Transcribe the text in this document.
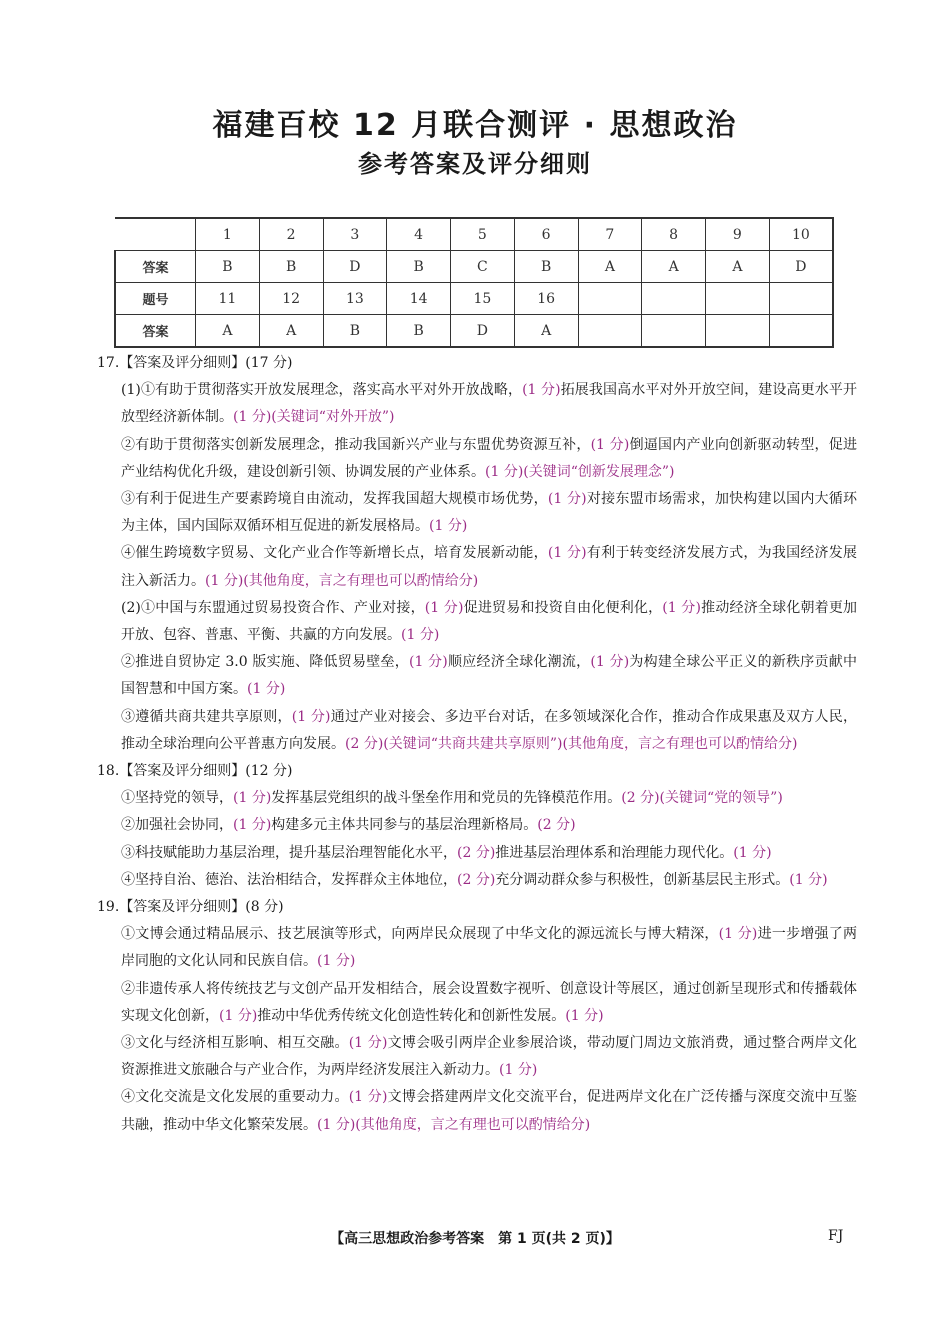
福建百校 12 月联合测评 · 思想政治
参考答案及评分细则
	1	2	3	4	5	6	7	8	9	10
答案	B	B	D	B	C	B	A	A	A	D
题号	11	12	13	14	15	16				
答案	A	A	B	B	D	A				

17.【答案及评分细则】(17 分)

(1)①有助于贯彻落实开放发展理念，落实高水平对外开放战略，(1 分)拓展我国高水平对外开放空间，建设高更水平开放型经济新体制。(1 分)(关键词“对外开放”)

②有助于贯彻落实创新发展理念，推动我国新兴产业与东盟优势资源互补，(1 分)倒逼国内产业向创新驱动转型，促进产业结构优化升级，建设创新引领、协调发展的产业体系。(1 分)(关键词“创新发展理念”)

③有利于促进生产要素跨境自由流动，发挥我国超大规模市场优势，(1 分)对接东盟市场需求，加快构建以国内大循环为主体，国内国际双循环相互促进的新发展格局。(1 分)

④催生跨境数字贸易、文化产业合作等新增长点，培育发展新动能，(1 分)有利于转变经济发展方式，为我国经济发展注入新活力。(1 分)(其他角度，言之有理也可以酌情给分)

(2)①中国与东盟通过贸易投资合作、产业对接，(1 分)促进贸易和投资自由化便利化，(1 分)推动经济全球化朝着更加开放、包容、普惠、平衡、共赢的方向发展。(1 分)

②推进自贸协定 3.0 版实施、降低贸易壁垒，(1 分)顺应经济全球化潮流，(1 分)为构建全球公平正义的新秩序贡献中国智慧和中国方案。(1 分)

③遵循共商共建共享原则，(1 分)通过产业对接会、多边平台对话，在多领域深化合作，推动合作成果惠及双方人民，推动全球治理向公平普惠方向发展。(2 分)(关键词“共商共建共享原则”)(其他角度，言之有理也可以酌情给分)

18.【答案及评分细则】(12 分)

①坚持党的领导，(1 分)发挥基层党组织的战斗堡垒作用和党员的先锋模范作用。(2 分)(关键词“党的领导”)

②加强社会协同，(1 分)构建多元主体共同参与的基层治理新格局。(2 分)

③科技赋能助力基层治理，提升基层治理智能化水平，(2 分)推进基层治理体系和治理能力现代化。(1 分)

④坚持自治、德治、法治相结合，发挥群众主体地位，(2 分)充分调动群众参与积极性，创新基层民主形式。(1 分)

19.【答案及评分细则】(8 分)

①文博会通过精品展示、技艺展演等形式，向两岸民众展现了中华文化的源远流长与博大精深，(1 分)进一步增强了两岸同胞的文化认同和民族自信。(1 分)

②非遗传承人将传统技艺与文创产品开发相结合，展会设置数字视听、创意设计等展区，通过创新呈现形式和传播载体实现文化创新，(1 分)推动中华优秀传统文化创造性转化和创新性发展。(1 分)

③文化与经济相互影响、相互交融。(1 分)文博会吸引两岸企业参展洽谈，带动厦门周边文旅消费，通过整合两岸文化资源推进文旅融合与产业合作，为两岸经济发展注入新动力。(1 分)

④文化交流是文化发展的重要动力。(1 分)文博会搭建两岸文化交流平台，促进两岸文化在广泛传播与深度交流中互鉴共融，推动中华文化繁荣发展。(1 分)(其他角度，言之有理也可以酌情给分)

【高三思想政治参考答案　第 1 页(共 2 页)】	FJ
